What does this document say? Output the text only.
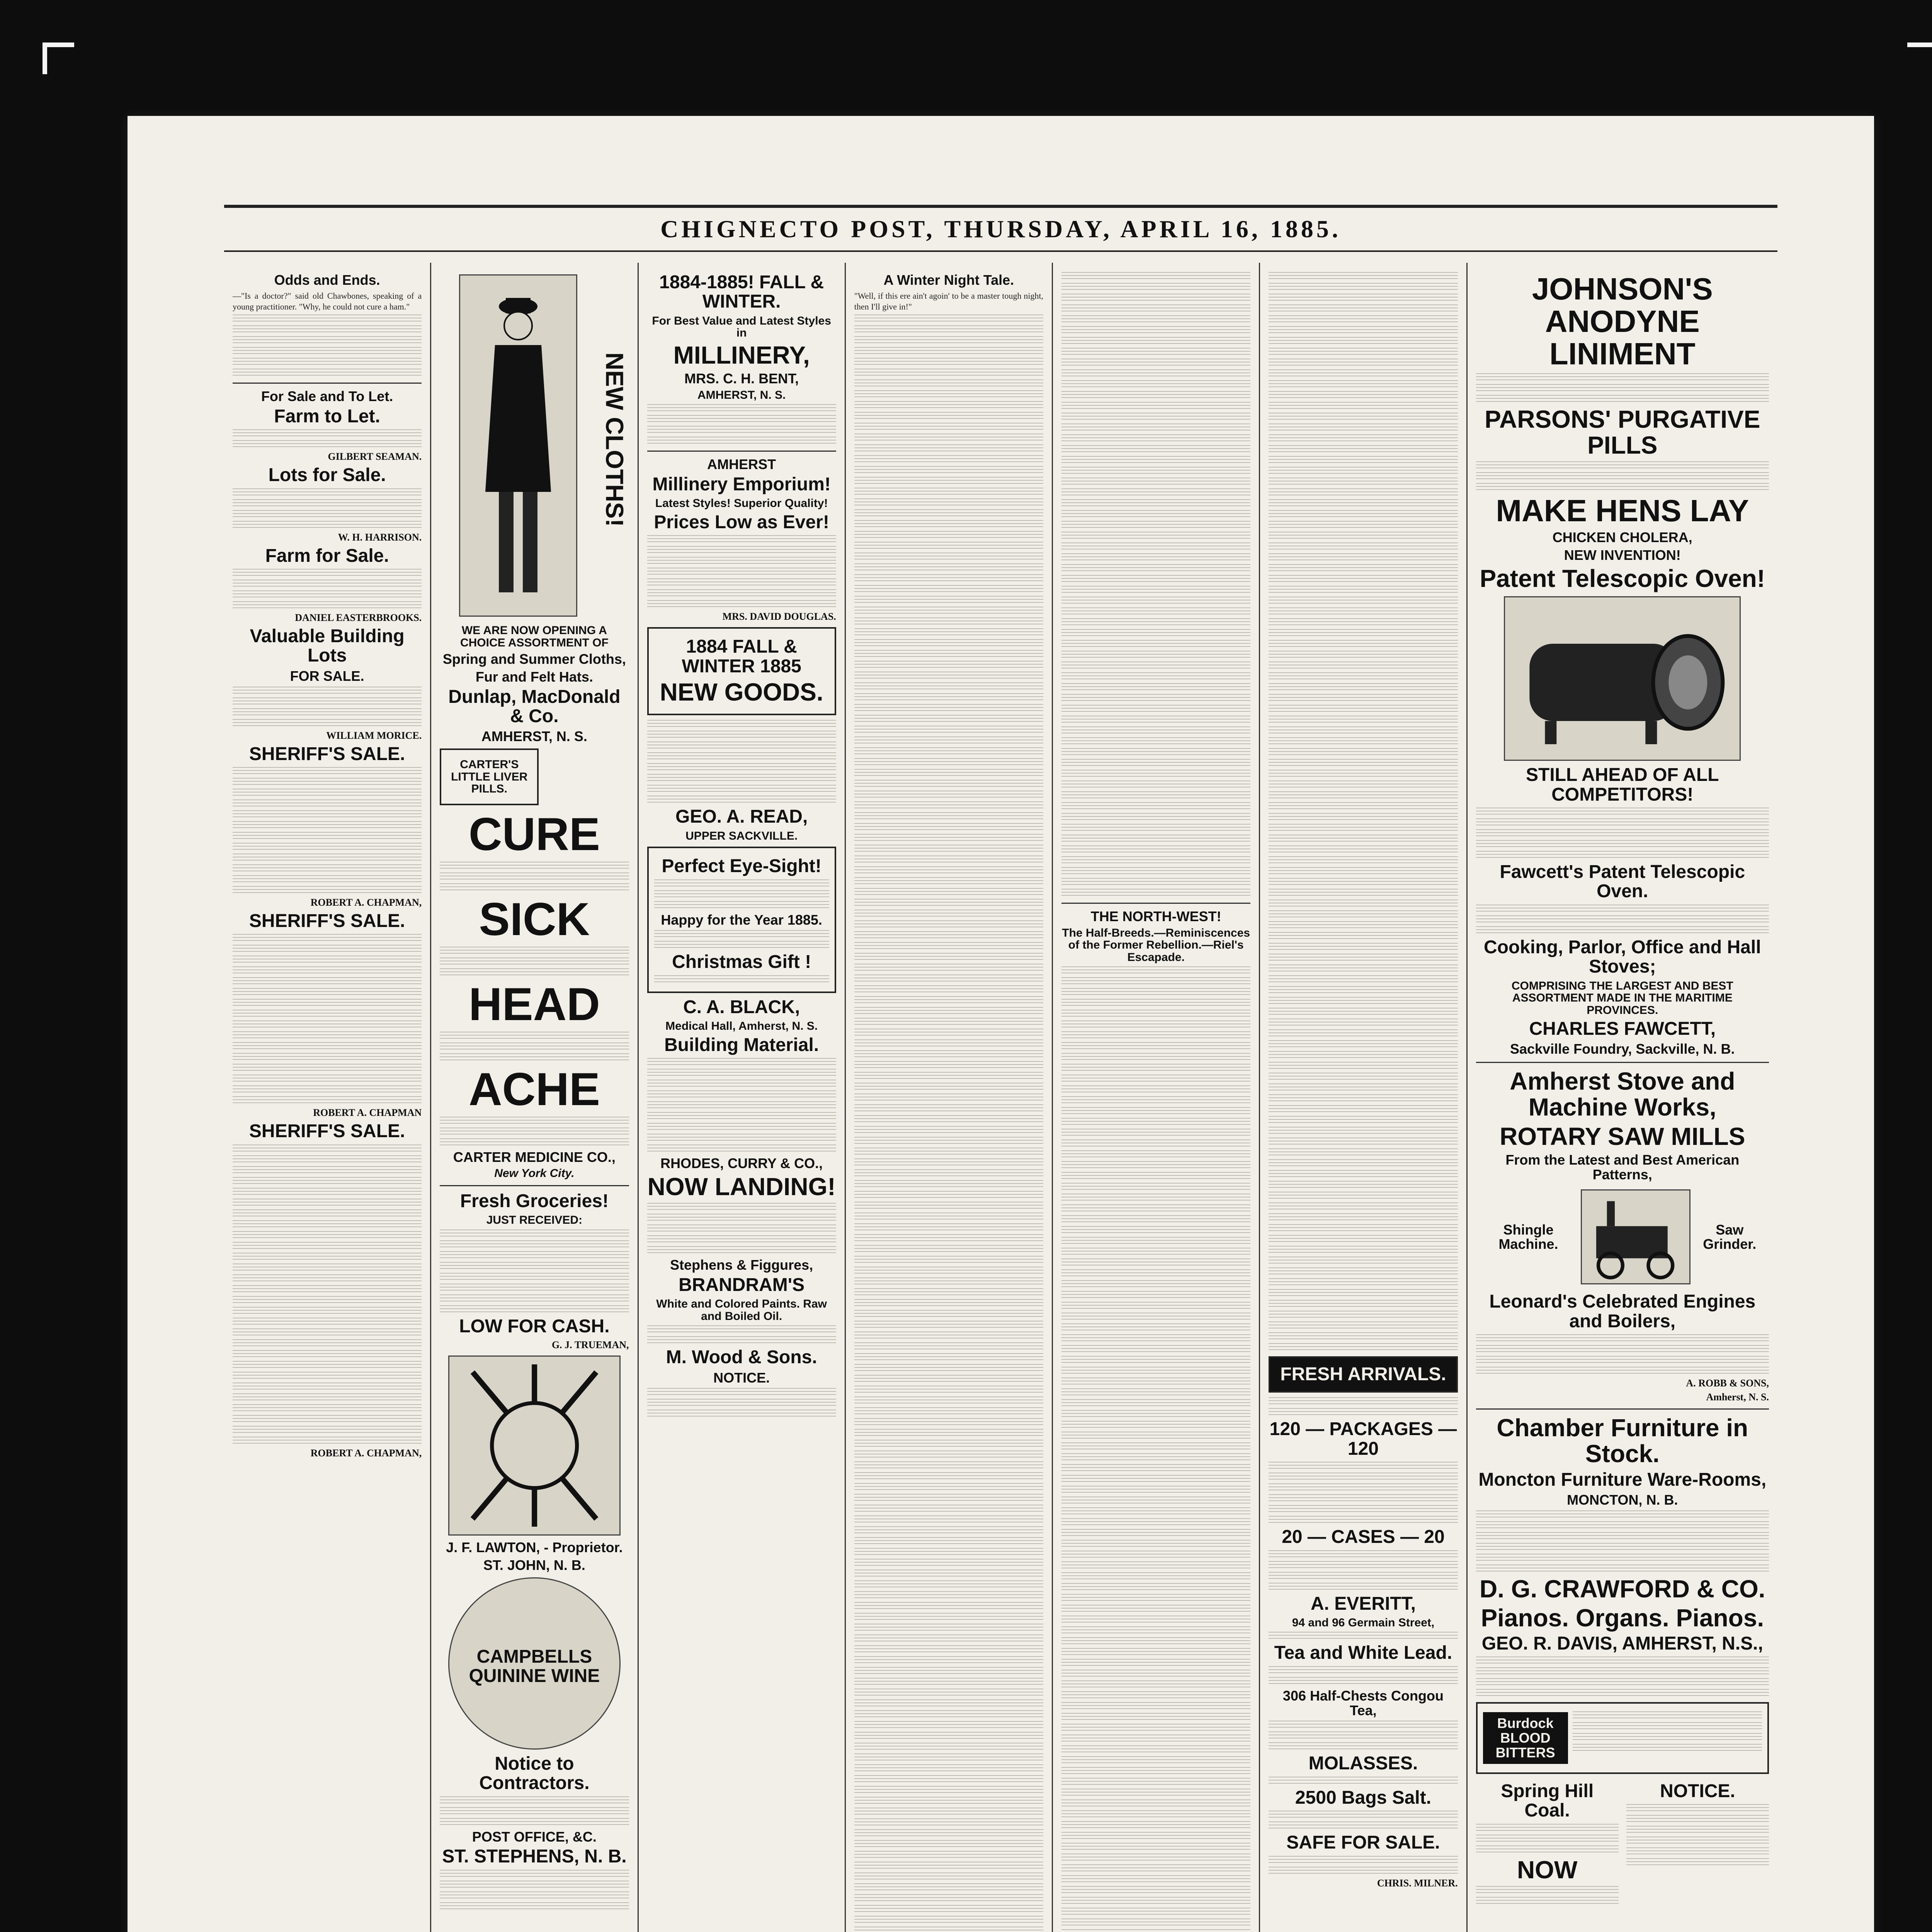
CHIGNECTO POST, THURSDAY, APRIL 16, 1885.
Odds and Ends.

—"Is a doctor?" said old Chawbones, speaking of a young practitioner. "Why, he could not cure a ham."

For Sale and To Let.
Farm to Let.
GILBERT SEAMAN.
Lots for Sale.
W. H. HARRISON.
Farm for Sale.
DANIEL EASTERBROOKS.
Valuable Building Lots
FOR SALE.
WILLIAM MORICE.
SHERIFF'S SALE.
ROBERT A. CHAPMAN,
SHERIFF'S SALE.
ROBERT A. CHAPMAN
SHERIFF'S SALE.
ROBERT A. CHAPMAN,
NEW CLOTHS!
WE ARE NOW OPENING A CHOICE ASSORTMENT OF
Spring and Summer Cloths,
Fur and Felt Hats.
Dunlap, MacDonald & Co.
AMHERST, N. S.
CARTER'S LITTLE LIVER PILLS.
CURE
SICK
HEAD
ACHE
CARTER MEDICINE CO.,
New York City.
Fresh Groceries!
JUST RECEIVED:
LOW FOR CASH.
G. J. TRUEMAN,
J. F. LAWTON, - Proprietor.
ST. JOHN, N. B.
CAMPBELLS QUININE WINE
Notice to Contractors.
POST OFFICE, &C.
ST. STEPHENS, N. B.
1884-1885! FALL & WINTER.
For Best Value and Latest Styles in
MILLINERY,
MRS. C. H. BENT,
AMHERST, N. S.
AMHERST
Millinery Emporium!
Latest Styles! Superior Quality!
Prices Low as Ever!
MRS. DAVID DOUGLAS.
1884 FALL & WINTER 1885
NEW GOODS.
GEO. A. READ,
UPPER SACKVILLE.
Perfect Eye-Sight!
Happy for the Year 1885.
Christmas Gift !
C. A. BLACK,
Medical Hall, Amherst, N. S.
Building Material.
RHODES, CURRY & CO.,
NOW LANDING!
Stephens & Figgures,
BRANDRAM'S
White and Colored Paints. Raw and Boiled Oil.
M. Wood & Sons.
NOTICE.
A Winter Night Tale.

"Well, if this ere ain't agoin' to be a master tough night, then I'll give in!"

THE NORTH-WEST!
The Half-Breeds.—Reminiscences of the Former Rebellion.—Riel's Escapade.
FRESH ARRIVALS.
120 — PACKAGES — 120
20 — CASES — 20
A. EVERITT,
94 and 96 Germain Street,
Tea and White Lead.
306 Half-Chests Congou Tea,
MOLASSES.
2500 Bags Salt.
SAFE FOR SALE.
CHRIS. MILNER.
JOHNSON'S ANODYNE LINIMENT
PARSONS' PURGATIVE PILLS
MAKE HENS LAY
CHICKEN CHOLERA,
NEW INVENTION!
Patent Telescopic Oven!
STILL AHEAD OF ALL COMPETITORS!
Fawcett's Patent Telescopic Oven.
Cooking, Parlor, Office and Hall Stoves;
COMPRISING THE LARGEST AND BEST ASSORTMENT MADE IN THE MARITIME PROVINCES.
CHARLES FAWCETT,
Sackville Foundry, Sackville, N. B.
Amherst Stove and Machine Works,
ROTARY SAW MILLS
From the Latest and Best American Patterns,
Shingle Machine.
Saw Grinder.
Leonard's Celebrated Engines and Boilers,
A. ROBB & SONS,
Amherst, N. S.
Chamber Furniture in Stock.
Moncton Furniture Ware-Rooms,
MONCTON, N. B.
D. G. CRAWFORD & CO.
Pianos. Organs. Pianos.
GEO. R. DAVIS, AMHERST, N.S.,
Burdock BLOOD BITTERS
Spring Hill Coal.
NOW
NOTICE.
